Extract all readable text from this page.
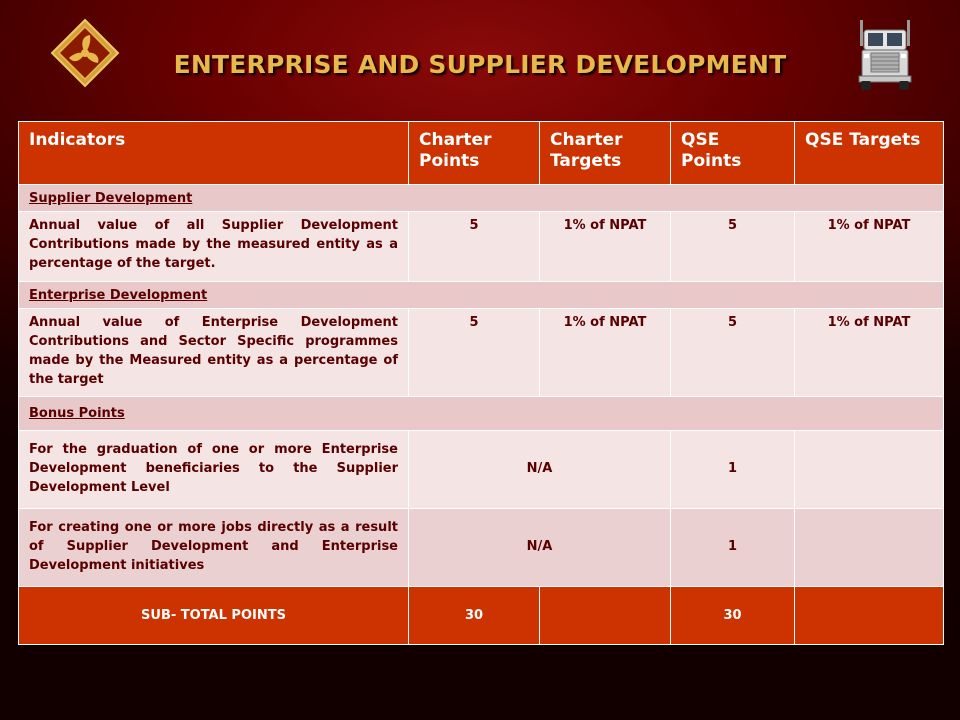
ENTERPRISE AND SUPPLIER DEVELOPMENT
Indicators	Charter Points	Charter Targets	QSE Points	QSE Targets
Supplier Development				
Annual value of all Supplier Development Contributions made by the measured entity as a percentage of the target.	5	1% of NPAT	5	1% of NPAT
Enterprise Development				
Annual value of Enterprise Development Contributions and Sector Specific programmes made by the Measured entity as a percentage of the target	5	1% of NPAT	5	1% of NPAT
Bonus Points				
For the graduation of one or more Enterprise Development beneficiaries to the Supplier Development Level	N/A		1	
For creating one or more jobs directly as a result of Supplier Development and Enterprise Development initiatives	N/A		1	
SUB- TOTAL POINTS	30		30	
